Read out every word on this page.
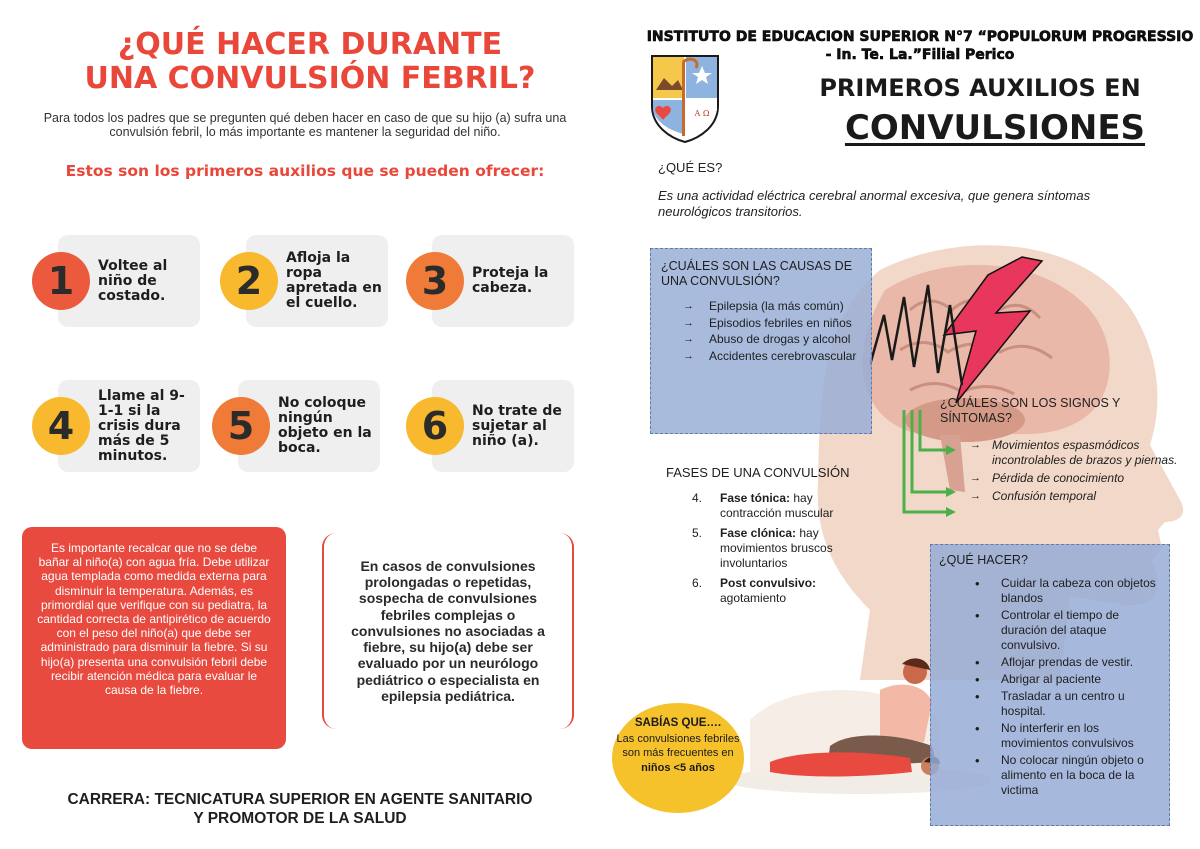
¿QUÉ HACER DURANTE
UNA CONVULSIÓN FEBRIL?

Para todos los padres que se pregunten qué deben hacer en caso de que su hijo (a) sufra una convulsión febril, lo más importante es mantener la seguridad del niño.

Estos son los primeros auxilios que se pueden ofrecer:
1	Voltee al niño de costado.	2
Afloja la ropa apretada en el cuello.	3	Proteja la cabeza.
4
Llame al 9-1-1 si la crisis dura más de 5 minutos.
5
No coloque ningún objeto en la boca.	6	No trate de sujetar al niño (a).
Es importante recalcar que no se debe bañar al niño(a) con agua fría. Debe utilizar agua templada como medida externa para disminuir la temperatura. Además, es primordial que verifique con su pediatra, la cantidad correcta de antipirético de acuerdo con el peso del niño(a) que debe ser administrado para disminuir la fiebre. Si su hijo(a) presenta una convulsión febril debe recibir atención médica para evaluar le causa de la fiebre.
En casos de convulsiones prolongadas o repetidas, sospecha de convulsiones febriles complejas o convulsiones no asociadas a fiebre, su hijo(a) debe ser evaluado por un neurólogo pediátrico o especialista en epilepsia pediátrica.
CARRERA: TECNICATURA SUPERIOR EN AGENTE SANITARIO
Y PROMOTOR DE LA SALUD
INSTITUTO DE EDUCACION SUPERIOR N°7 “POPULORUM PROGRESSIO
- In. Te. La.”Filial Perico
A Ω
PRIMEROS AUXILIOS EN
CONVULSIONES
¿QUÉ ES?
Es una actividad eléctrica cerebral anormal excesiva, que genera síntomas neurológicos transitorios.
¿CUÁLES SON LAS CAUSAS DE UNA CONVULSIÓN?
→ Epilepsia (la más común)
→ Episodios febriles en niños
→ Abuso de drogas y alcohol
→ Accidentes cerebrovascular
¿CUÁLES SON LOS SIGNOS Y SÍNTOMAS?
→ Movimientos espasmódicos incontrolables de brazos y piernas.
→ Pérdida de conocimiento
→ Confusión temporal
FASES DE UNA CONVULSIÓN
4. Fase tónica: hay contracción muscular
5. Fase clónica: hay movimientos bruscos involuntarios
6. Post convulsivo: agotamiento
¿QUÉ HACER?
• Cuidar la cabeza con objetos blandos
• Controlar el tiempo de duración del ataque convulsivo.
• Aflojar prendas de vestir.
• Abrigar al paciente
• Trasladar a un centro u hospital.
• No interferir en los movimientos convulsivos
• No colocar ningún objeto o alimento en la boca de la victima
SABÍAS QUE….
Las convulsiones febriles son más frecuentes en
niños <5 años
